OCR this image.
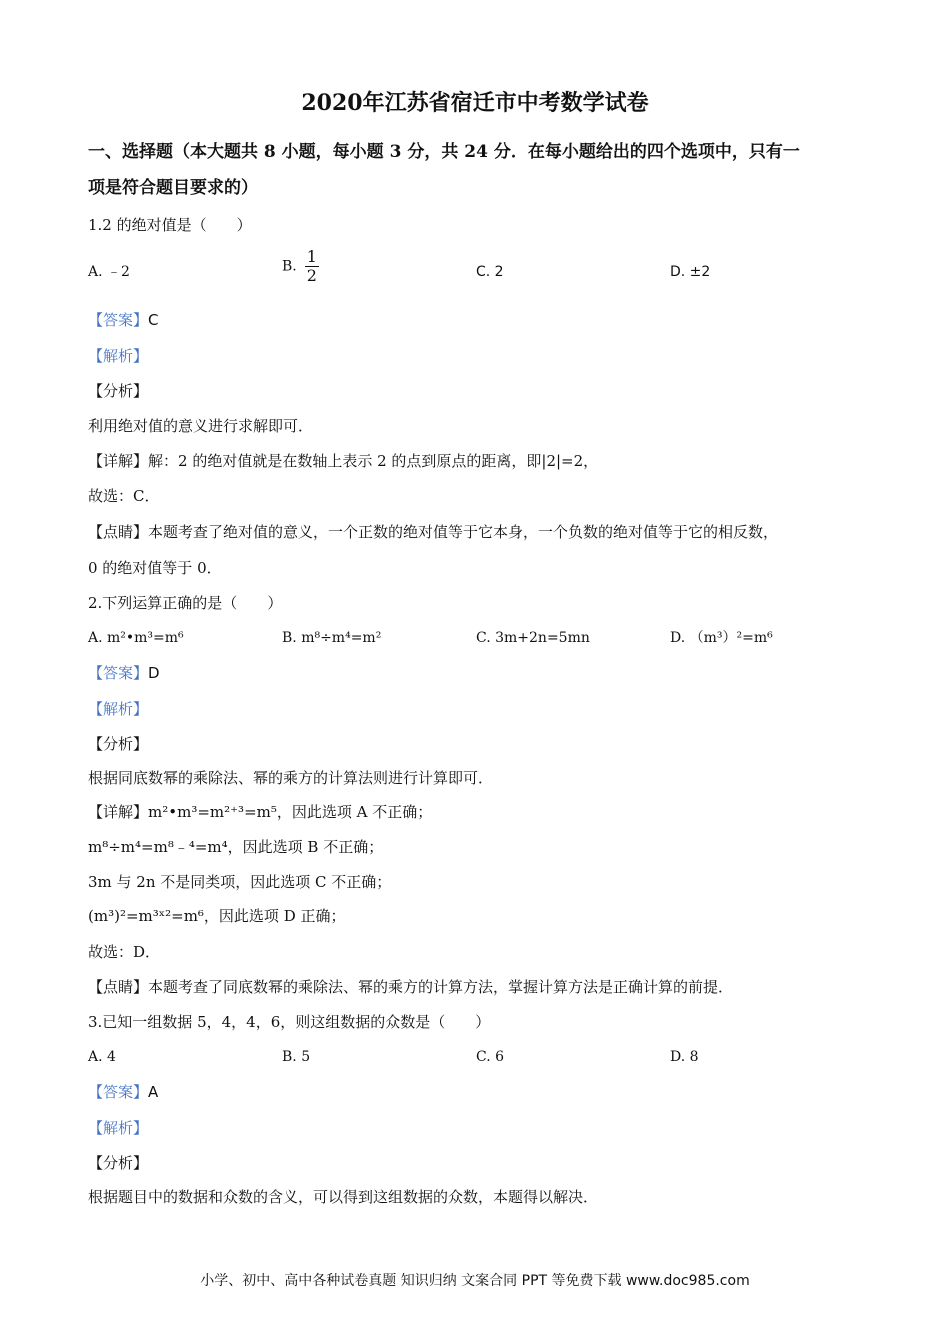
2020年江苏省宿迁市中考数学试卷
一、选择题（本大题共 8 小题，每小题 3 分，共 24 分．在每小题给出的四个选项中，只有一
项是符合题目要求的）
1.2 的绝对值是（　　）
A. ﹣2	B. $\frac{1}{2}$	C. 2	D. ±2
【答案】C
【解析】
【分析】
利用绝对值的意义进行求解即可．
【详解】解：2 的绝对值就是在数轴上表示 2 的点到原点的距离，即|2|=2，
故选：C．
【点睛】本题考查了绝对值的意义，一个正数的绝对值等于它本身，一个负数的绝对值等于它的相反数，
0 的绝对值等于 0．
2.下列运算正确的是（　　）
A. m²•m³=m⁶	B. m⁸÷m⁴=m²	C. 3m+2n=5mn	D. （m³）²=m⁶
【答案】D
【解析】
【分析】
根据同底数幂的乘除法、幂的乘方的计算法则进行计算即可．
【详解】m²•m³=m²⁺³=m⁵，因此选项 A 不正确；
m⁸÷m⁴=m⁸﹣⁴=m⁴，因此选项 B 不正确；
3m 与 2n 不是同类项，因此选项 C 不正确；
(m³)²=m³ˣ²=m⁶，因此选项 D 正确；
故选：D．
【点睛】本题考查了同底数幂的乘除法、幂的乘方的计算方法，掌握计算方法是正确计算的前提．
3.已知一组数据 5，4，4，6，则这组数据的众数是（　　）
A. 4	B. 5	C. 6	D. 8
【答案】A
【解析】
【分析】
根据题目中的数据和众数的含义，可以得到这组数据的众数，本题得以解决．
小学、初中、高中各种试卷真题 知识归纳 文案合同 PPT 等免费下载 www.doc985.com
